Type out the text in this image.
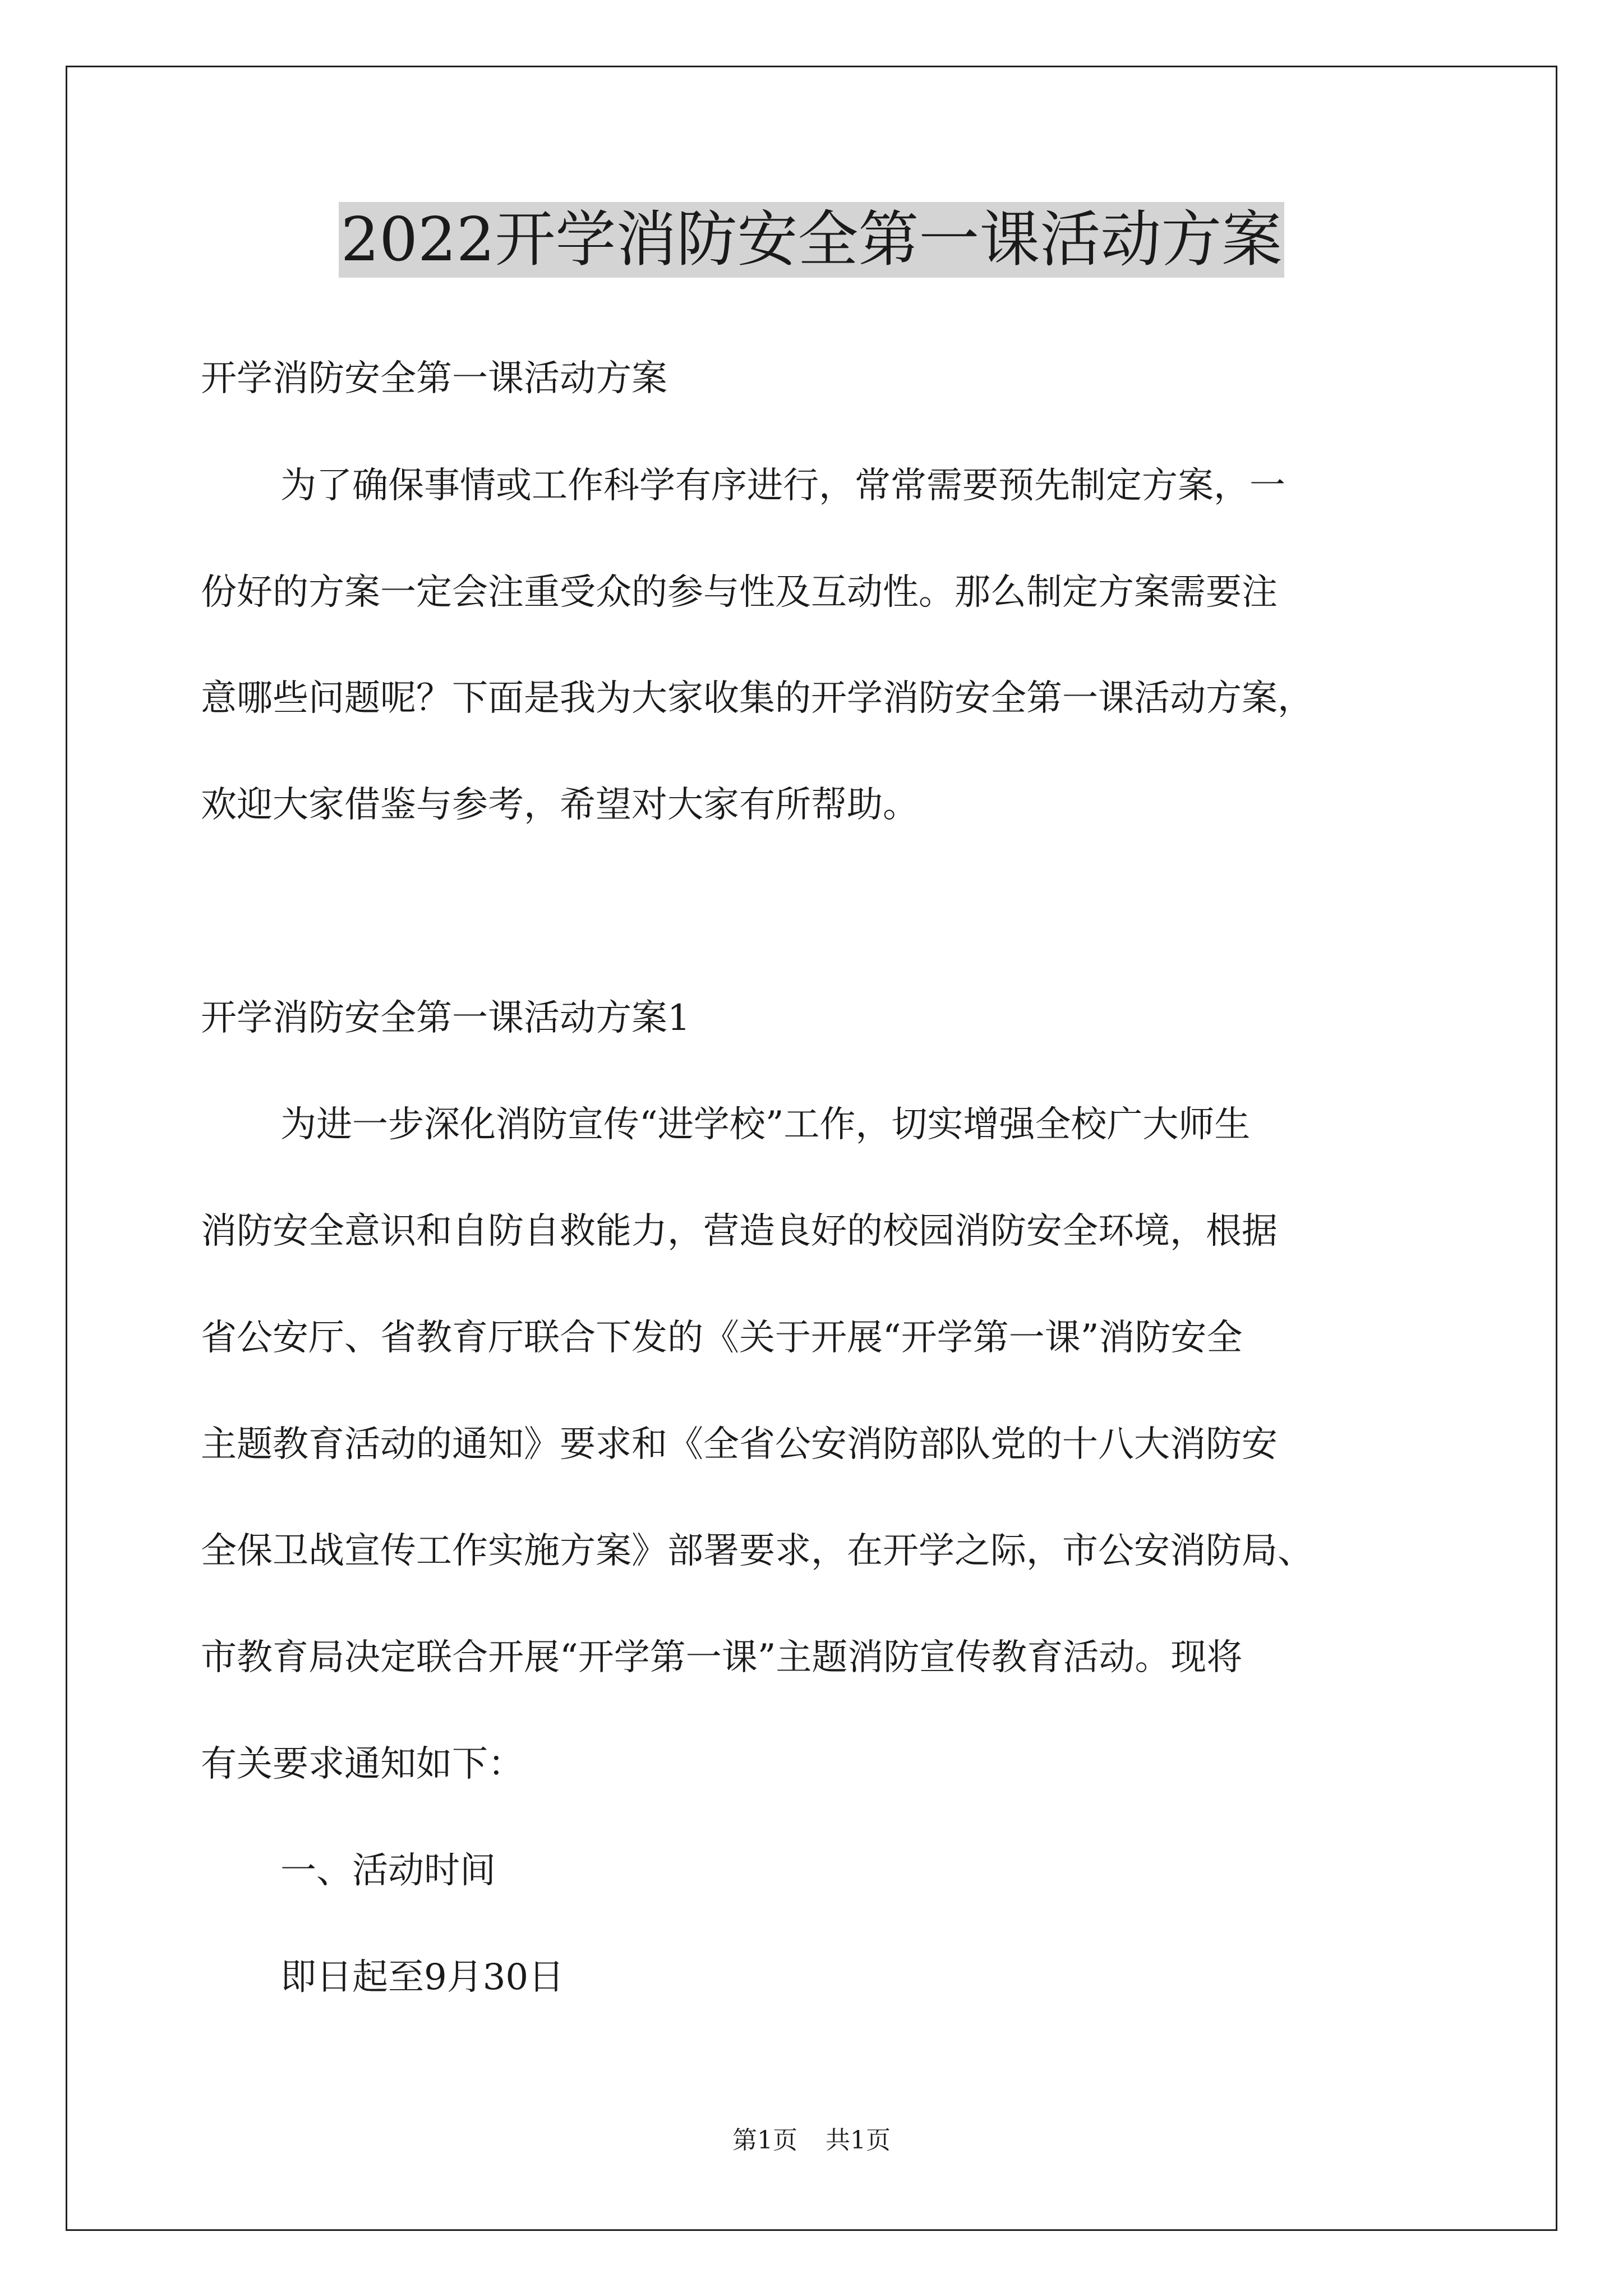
2022开学消防安全第一课活动方案
开学消防安全第一课活动方案
为了确保事情或工作科学有序进行，常常需要预先制定方案，一
份好的方案一定会注重受众的参与性及互动性。那么制定方案需要注
意哪些问题呢？下面是我为大家收集的开学消防安全第一课活动方案，
欢迎大家借鉴与参考，希望对大家有所帮助。
开学消防安全第一课活动方案1
为进一步深化消防宣传“进学校”工作，切实增强全校广大师生
消防安全意识和自防自救能力，营造良好的校园消防安全环境，根据
省公安厅、省教育厅联合下发的《关于开展“开学第一课”消防安全
主题教育活动的通知》要求和《全省公安消防部队党的十八大消防安
全保卫战宣传工作实施方案》部署要求，在开学之际，市公安消防局、
市教育局决定联合开展“开学第一课”主题消防宣传教育活动。现将
有关要求通知如下：
一、活动时间
即日起至9月30日
第1页 共1页
